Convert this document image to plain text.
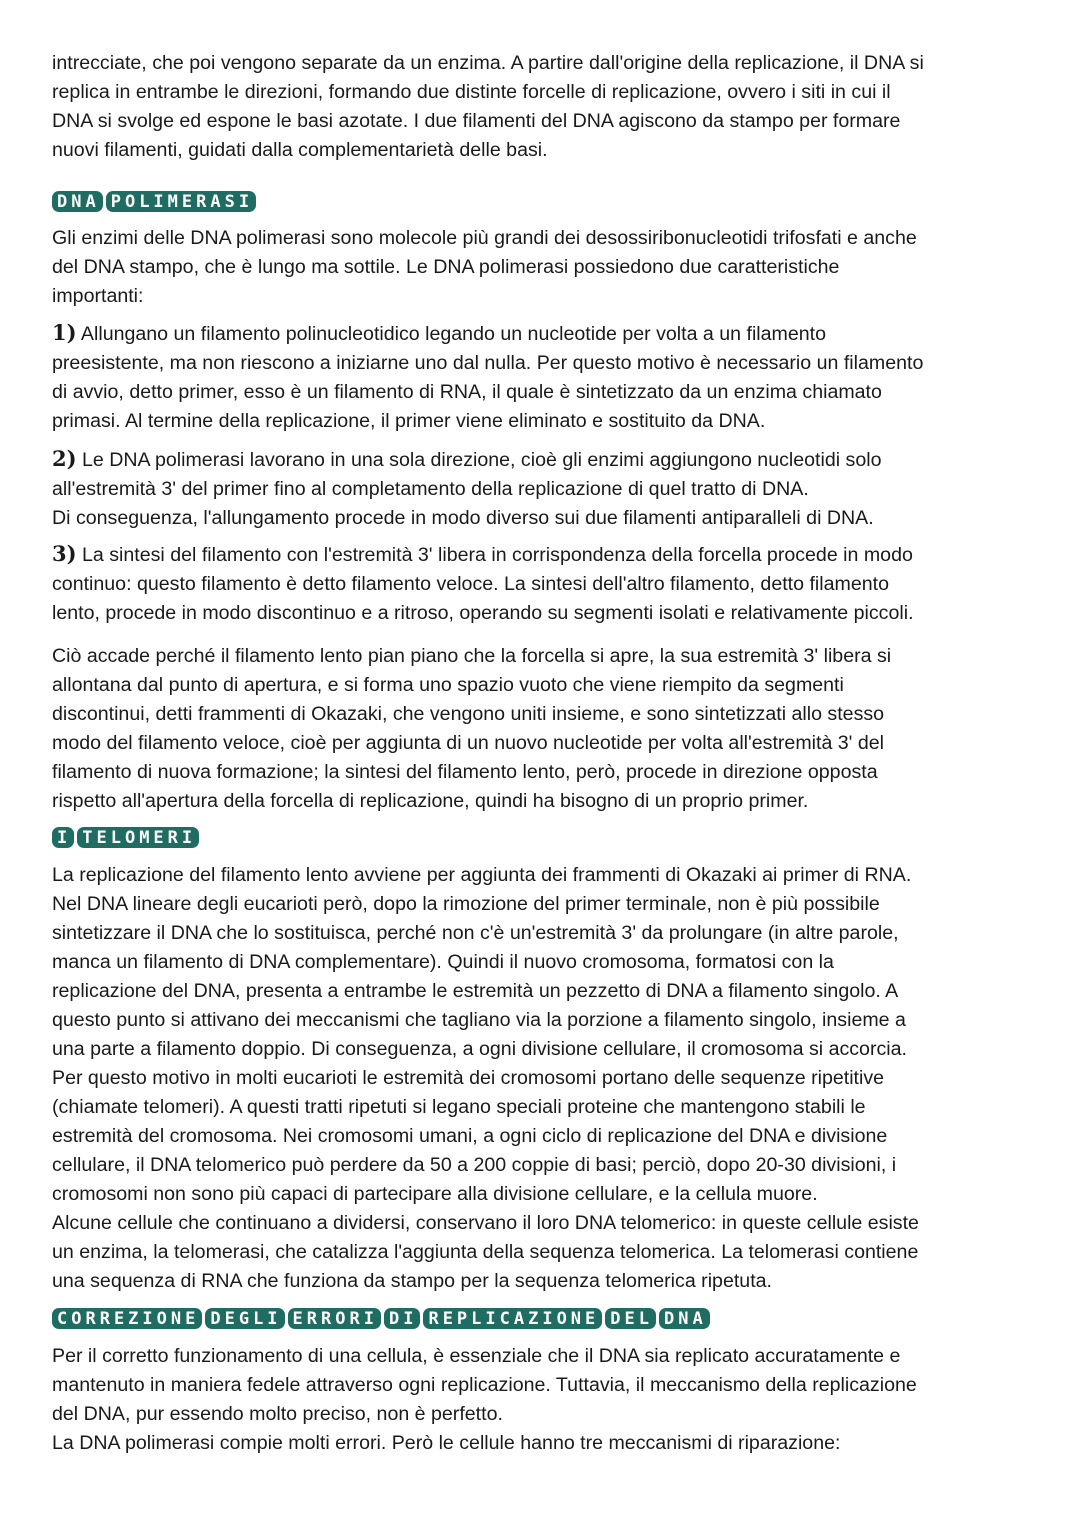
intrecciate, che poi vengono separate da un enzima. A partire dall'origine della replicazione, il DNA si
replica in entrambe le direzioni, formando due distinte forcelle di replicazione, ovvero i siti in cui il
DNA si svolge ed espone le basi azotate. I due filamenti del DNA agiscono da stampo per formare
nuovi filamenti, guidati dalla complementarietà delle basi.

DNA POLIMERASI

Gli enzimi delle DNA polimerasi sono molecole più grandi dei desossiribonucleotidi trifosfati e anche
del DNA stampo, che è lungo ma sottile. Le DNA polimerasi possiedono due caratteristiche
importanti:

1) Allungano un filamento polinucleotidico legando un nucleotide per volta a un filamento
preesistente, ma non riescono a iniziarne uno dal nulla. Per questo motivo è necessario un filamento
di avvio, detto primer, esso è un filamento di RNA, il quale è sintetizzato da un enzima chiamato
primasi. Al termine della replicazione, il primer viene eliminato e sostituito da DNA.

2) Le DNA polimerasi lavorano in una sola direzione, cioè gli enzimi aggiungono nucleotidi solo
all'estremità 3' del primer fino al completamento della replicazione di quel tratto di DNA.
Di conseguenza, l'allungamento procede in modo diverso sui due filamenti antiparalleli di DNA.

3) La sintesi del filamento con l'estremità 3' libera in corrispondenza della forcella procede in modo
continuo: questo filamento è detto filamento veloce. La sintesi dell'altro filamento, detto filamento
lento, procede in modo discontinuo e a ritroso, operando su segmenti isolati e relativamente piccoli.

Ciò accade perché il filamento lento pian piano che la forcella si apre, la sua estremità 3' libera si
allontana dal punto di apertura, e si forma uno spazio vuoto che viene riempito da segmenti
discontinui, detti frammenti di Okazaki, che vengono uniti insieme, e sono sintetizzati allo stesso
modo del filamento veloce, cioè per aggiunta di un nuovo nucleotide per volta all'estremità 3' del
filamento di nuova formazione; la sintesi del filamento lento, però, procede in direzione opposta
rispetto all'apertura della forcella di replicazione, quindi ha bisogno di un proprio primer.

I TELOMERI

La replicazione del filamento lento avviene per aggiunta dei frammenti di Okazaki ai primer di RNA.
Nel DNA lineare degli eucarioti però, dopo la rimozione del primer terminale, non è più possibile
sintetizzare il DNA che lo sostituisca, perché non c'è un'estremità 3' da prolungare (in altre parole,
manca un filamento di DNA complementare). Quindi il nuovo cromosoma, formatosi con la
replicazione del DNA, presenta a entrambe le estremità un pezzetto di DNA a filamento singolo. A
questo punto si attivano dei meccanismi che tagliano via la porzione a filamento singolo, insieme a
una parte a filamento doppio. Di conseguenza, a ogni divisione cellulare, il cromosoma si accorcia.
Per questo motivo in molti eucarioti le estremità dei cromosomi portano delle sequenze ripetitive
(chiamate telomeri). A questi tratti ripetuti si legano speciali proteine che mantengono stabili le
estremità del cromosoma. Nei cromosomi umani, a ogni ciclo di replicazione del DNA e divisione
cellulare, il DNA telomerico può perdere da 50 a 200 coppie di basi; perciò, dopo 20-30 divisioni, i
cromosomi non sono più capaci di partecipare alla divisione cellulare, e la cellula muore.
Alcune cellule che continuano a dividersi, conservano il loro DNA telomerico: in queste cellule esiste
un enzima, la telomerasi, che catalizza l'aggiunta della sequenza telomerica. La telomerasi contiene
una sequenza di RNA che funziona da stampo per la sequenza telomerica ripetuta.

CORREZIONE DEGLI ERRORI DI REPLICAZIONE DEL DNA

Per il corretto funzionamento di una cellula, è essenziale che il DNA sia replicato accuratamente e
mantenuto in maniera fedele attraverso ogni replicazione. Tuttavia, il meccanismo della replicazione
del DNA, pur essendo molto preciso, non è perfetto.
La DNA polimerasi compie molti errori. Però le cellule hanno tre meccanismi di riparazione:
